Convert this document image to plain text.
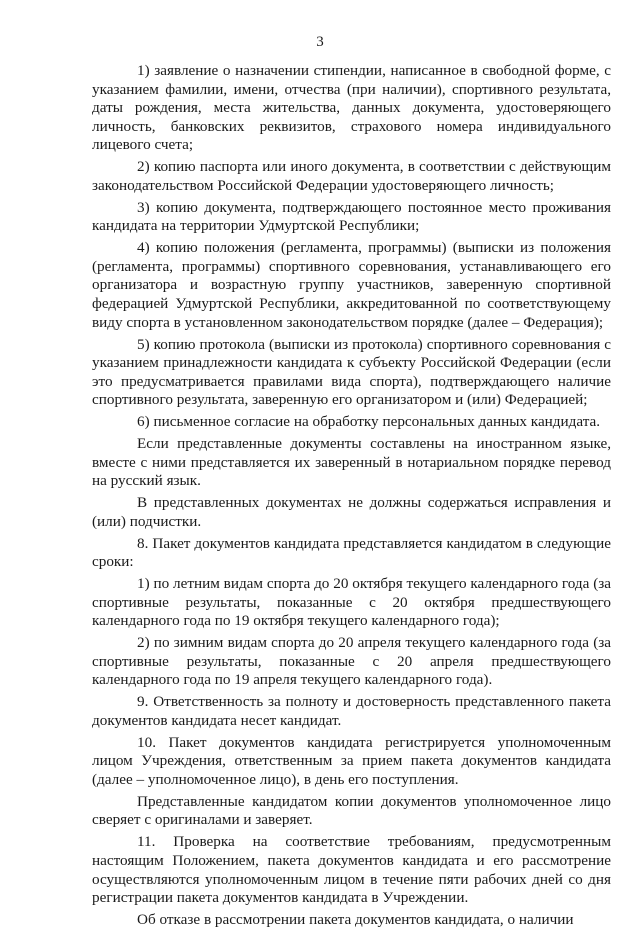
3

1) заявление о назначении стипендии, написанное в свободной форме, с указанием фамилии, имени, отчества (при наличии), спортивного результата, даты рождения, места жительства, данных документа, удостоверяющего личность, банковских реквизитов, страхового номера индивидуального лицевого счета;

2) копию паспорта или иного документа, в соответствии с действующим законодательством Российской Федерации удостоверяющего личность;

3) копию документа, подтверждающего постоянное место проживания кандидата на территории Удмуртской Республики;

4) копию положения (регламента, программы) (выписки из положения (регламента, программы) спортивного соревнования, устанавливающего его организатора и возрастную группу участников, заверенную спортивной федерацией Удмуртской Республики, аккредитованной по соответствующему виду спорта в установленном законодательством порядке (далее – Федерация);

5) копию протокола (выписки из протокола) спортивного соревнования с указанием принадлежности кандидата к субъекту Российской Федерации (если это предусматривается правилами вида спорта), подтверждающего наличие спортивного результата, заверенную его организатором и (или) Федерацией;

6) письменное согласие на обработку персональных данных кандидата.

Если представленные документы составлены на иностранном языке, вместе с ними представляется их заверенный в нотариальном порядке перевод на русский язык.

В представленных документах не должны содержаться исправления и (или) подчистки.

8. Пакет документов кандидата представляется кандидатом в следующие сроки:

1) по летним видам спорта до 20 октября текущего календарного года (за спортивные результаты, показанные с 20 октября предшествующего календарного года по 19 октября текущего календарного года);

2) по зимним видам спорта до 20 апреля текущего календарного года (за спортивные результаты, показанные с 20 апреля предшествующего календарного года по 19 апреля текущего календарного года).

9. Ответственность за полноту и достоверность представленного пакета документов кандидата несет кандидат.

10. Пакет документов кандидата регистрируется уполномоченным лицом Учреждения, ответственным за прием пакета документов кандидата (далее – уполномоченное лицо), в день его поступления.

Представленные кандидатом копии документов уполномоченное лицо сверяет с оригиналами и заверяет.

11. Проверка на соответствие требованиям, предусмотренным настоящим Положением, пакета документов кандидата и его рассмотрение осуществляются уполномоченным лицом в течение пяти рабочих дней со дня регистрации пакета документов кандидата в Учреждении.

Об отказе в рассмотрении пакета документов кандидата, о наличии
